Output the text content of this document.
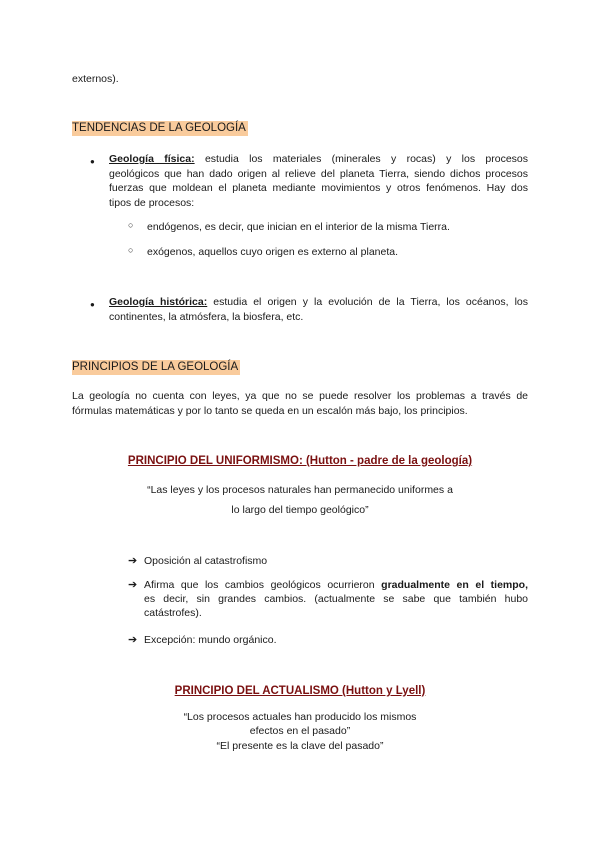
externos).
TENDENCIAS DE LA GEOLOGÍA
● Geología física: estudia los materiales (minerales y rocas) y los procesos
geológicos que han dado origen al relieve del planeta Tierra, siendo dichos procesos
fuerzas que moldean el planeta mediante movimientos y otros fenómenos. Hay dos
tipos de procesos:
○ endógenos, es decir, que inician en el interior de la misma Tierra.
○ exógenos, aquellos cuyo origen es externo al planeta.
● Geología histórica: estudia el origen y la evolución de la Tierra, los océanos, los
continentes, la atmósfera, la biosfera, etc.
PRINCIPIOS DE LA GEOLOGÍA
La geología no cuenta con leyes, ya que no se puede resolver los problemas a través de
fórmulas matemáticas y por lo tanto se queda en un escalón más bajo, los principios.
PRINCIPIO DEL UNIFORMISMO: (Hutton - padre de la geología)
“Las leyes y los procesos naturales han permanecido uniformes a
lo largo del tiempo geológico”
➔ Oposición al catastrofismo
➔ Afirma que los cambios geológicos ocurrieron gradualmente en el tiempo,
es decir, sin grandes cambios. (actualmente se sabe que también hubo
catástrofes).
➔ Excepción: mundo orgánico.
PRINCIPIO DEL ACTUALISMO (Hutton y Lyell)
“Los procesos actuales han producido los mismos
efectos en el pasado”
“El presente es la clave del pasado”
